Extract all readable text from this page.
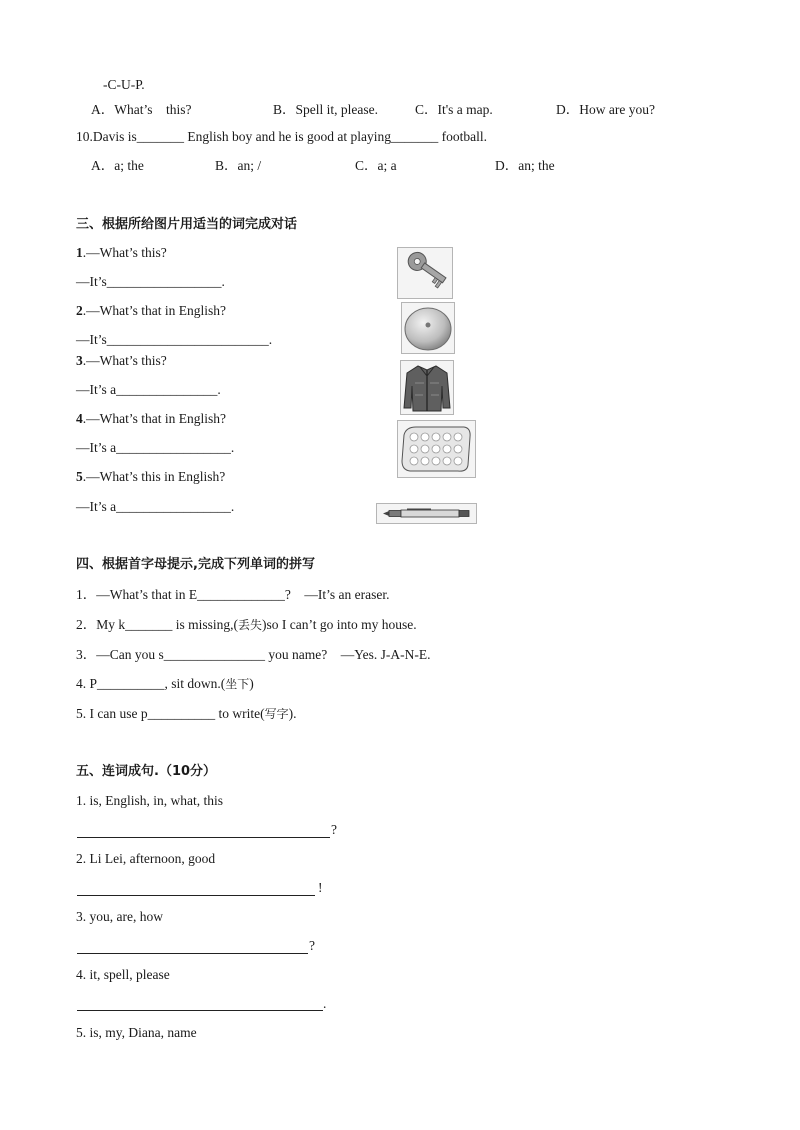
-C-U-P.
A．What’s    this?	B．Spell it, please.	C．It's a map.	D．How are you?
10.Davis is_______ English boy and he is good at playing_______ football.
A．a; the	B．an; /	C．a; a	D．an; the
三、根据所给图片用适当的词完成对话
1.—What’s this?
—It’s_________________.
2.—What’s that in English?
—It’s________________________.
3.—What’s this?
—It’s a_______________.
4.—What’s that in English?
—It’s a_________________.
5.—What’s this in English?
—It’s a_________________.
四、根据首字母提示,完成下列单词的拼写
1．—What’s that in E_____________?    —It’s an eraser.
2．My k_______ is missing,(丢失)so I can’t go into my house.
3．—Can you s_______________ you name?    —Yes. J-A-N-E.
4. P__________, sit down.(坐下)
5. I can use p__________ to write(写字).
五、连词成句.（10分）
1. is, English, in, what, this
?
2. Li Lei, afternoon, good
!
3. you, are, how
?
4. it, spell, please
.
5. is, my, Diana, name
